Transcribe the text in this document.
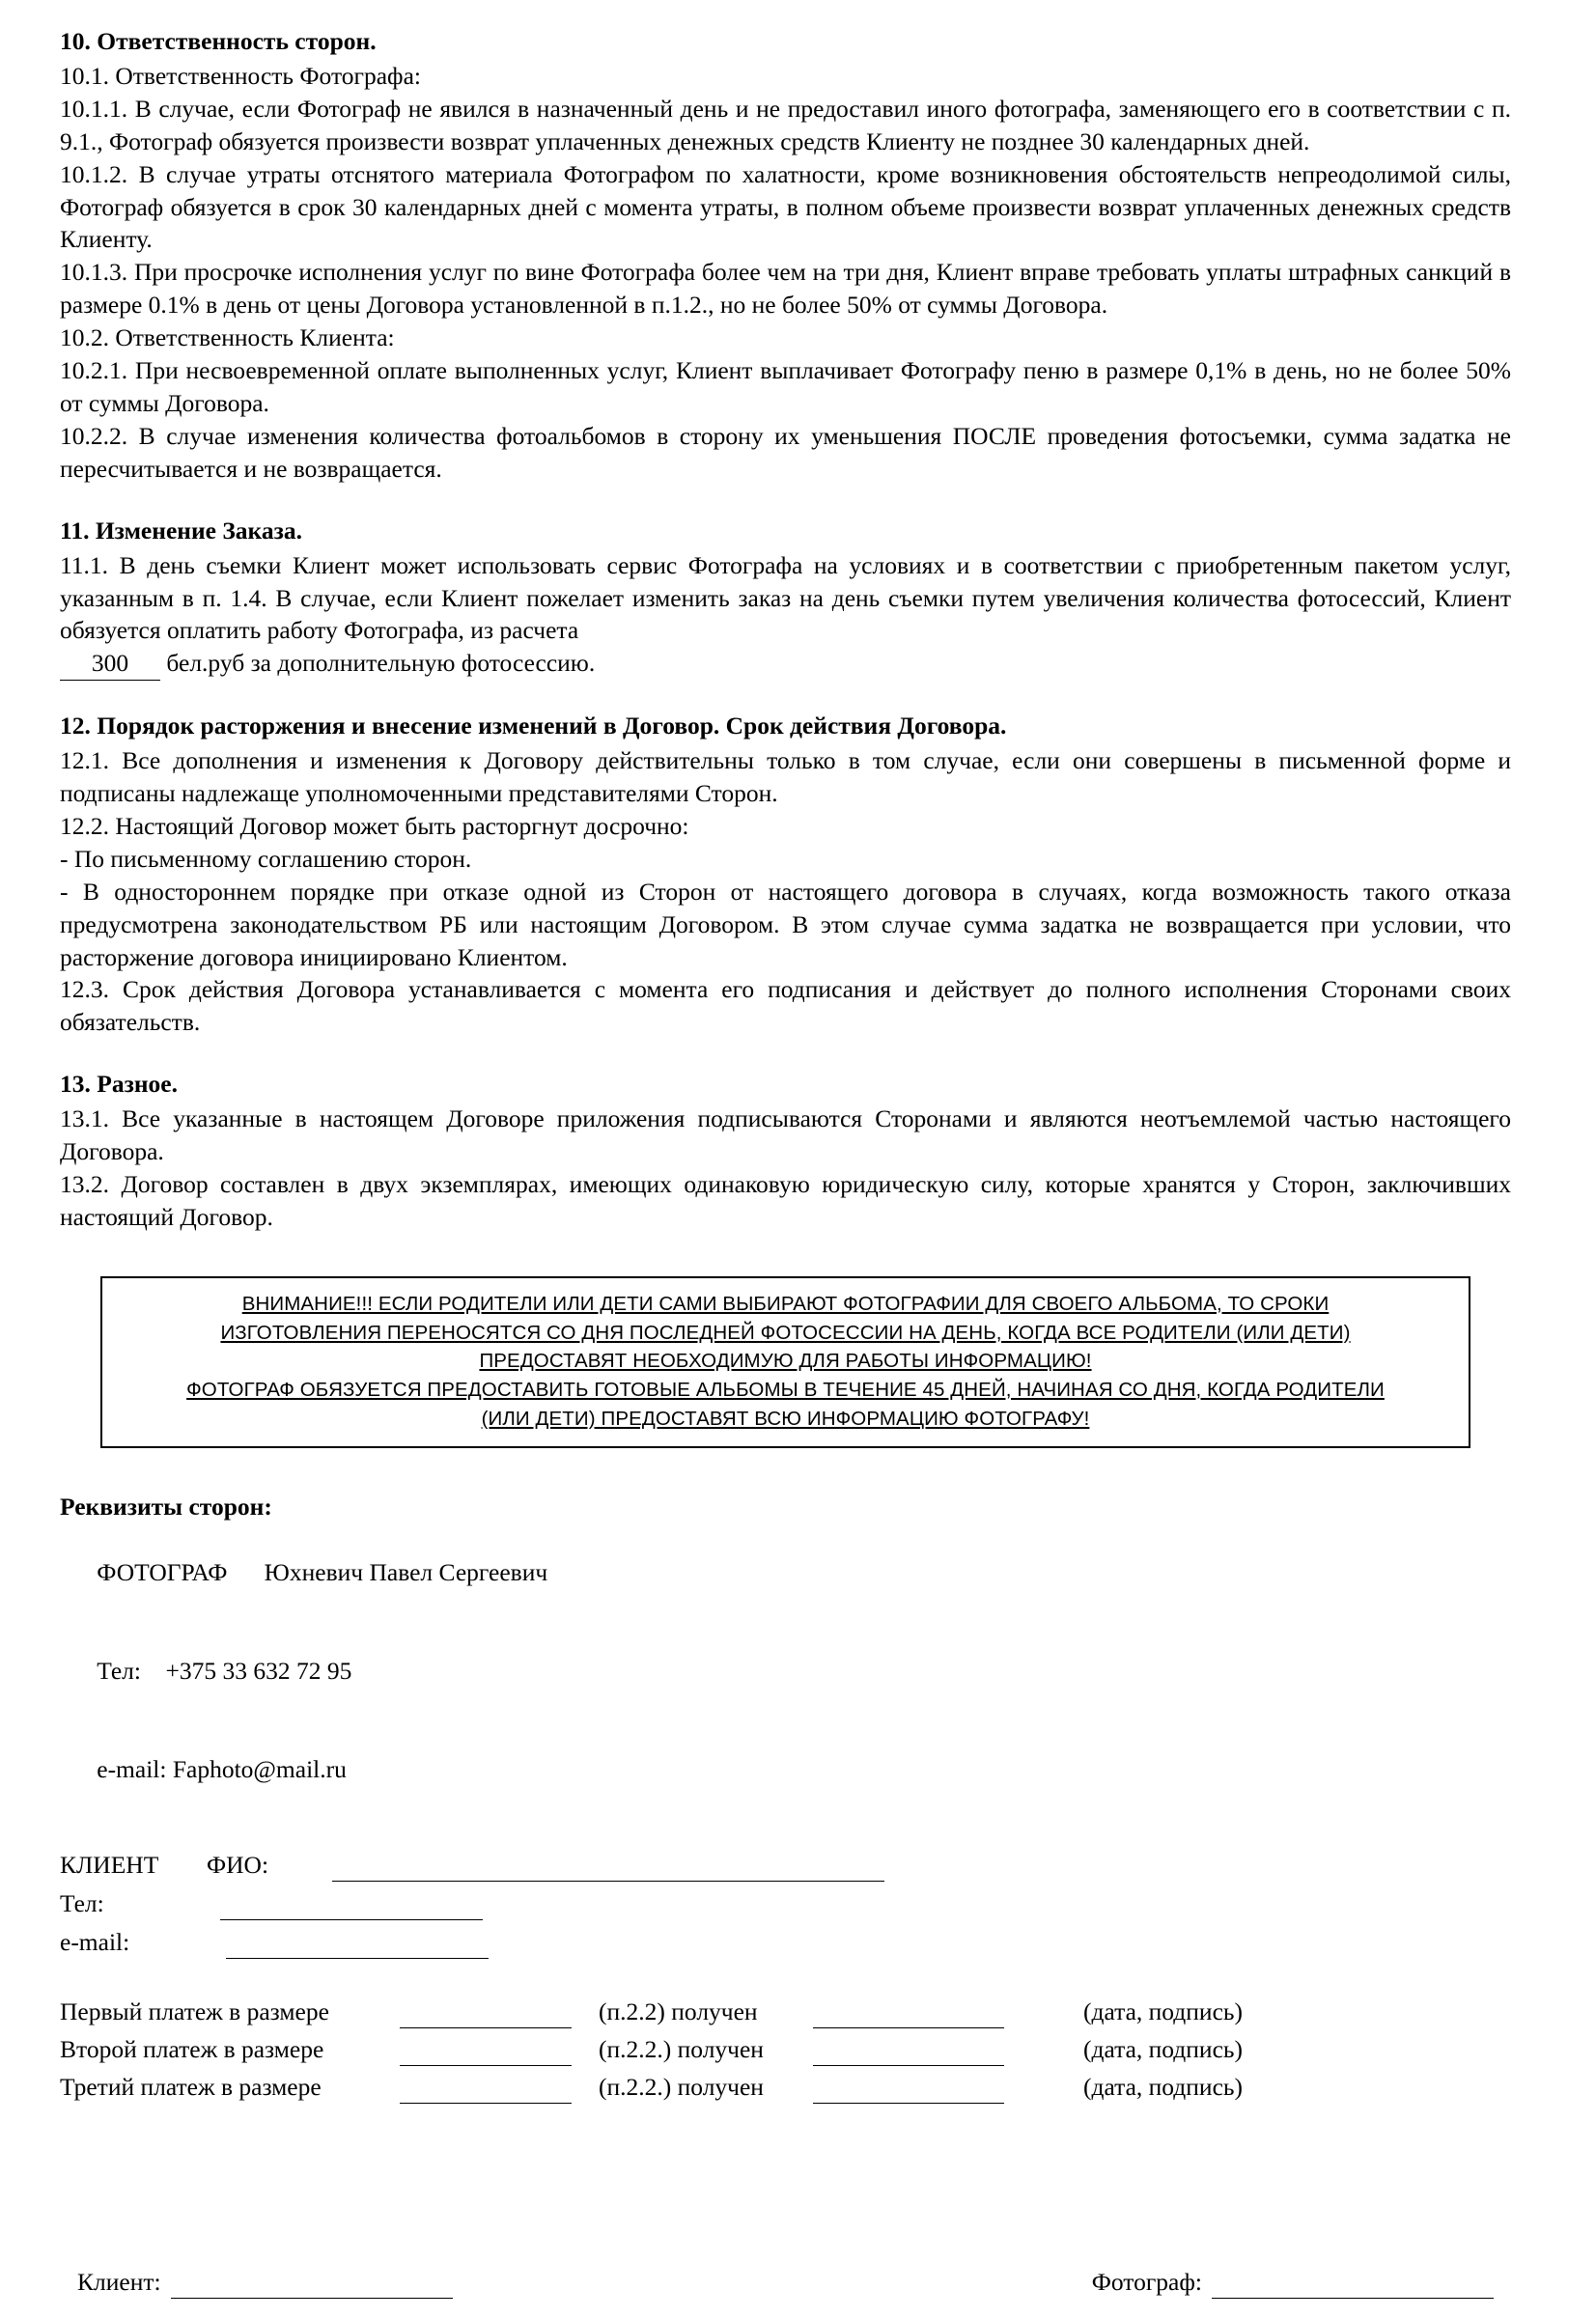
10. Ответственность сторон.

10.1. Ответственность Фотографа:

10.1.1. В случае, если Фотограф не явился в назначенный день и не предоставил иного фотографа, заменяющего его в соответствии с п. 9.1., Фотограф обязуется произвести возврат уплаченных денежных средств Клиенту не позднее 30 календарных дней.

10.1.2. В случае утраты отснятого материала Фотографом по халатности, кроме возникновения обстоятельств непреодолимой силы, Фотограф обязуется в срок 30 календарных дней с момента утраты, в полном объеме произвести возврат уплаченных денежных средств Клиенту.

10.1.3. При просрочке исполнения услуг по вине Фотографа более чем на три дня, Клиент вправе требовать уплаты штрафных санкций в размере 0.1% в день от цены Договора установленной в п.1.2., но не более 50% от суммы Договора.

10.2. Ответственность Клиента:

10.2.1. При несвоевременной оплате выполненных услуг, Клиент выплачивает Фотографу пеню в размере 0,1% в день, но не более 50% от суммы Договора.

10.2.2. В случае изменения количества фотоальбомов в сторону их уменьшения ПОСЛЕ проведения фотосъемки, сумма задатка не пересчитывается и не возвращается.

11. Изменение Заказа.

11.1. В день съемки Клиент может использовать сервис Фотографа на условиях и в соответствии с приобретенным пакетом услуг, указанным в п. 1.4. В случае, если Клиент пожелает изменить заказ на день съемки путем увеличения количества фотосессий, Клиент обязуется оплатить работу Фотографа, из расчета

300 бел.руб за дополнительную фотосессию.

12. Порядок расторжения и внесение изменений в Договор. Срок действия Договора.

12.1. Все дополнения и изменения к Договору действительны только в том случае, если они совершены в письменной форме и подписаны надлежаще уполномоченными представителями Сторон.

12.2. Настоящий Договор может быть расторгнут досрочно:

- По письменному соглашению сторон.

- В одностороннем порядке при отказе одной из Сторон от настоящего договора в случаях, когда возможность такого отказа предусмотрена законодательством РБ или настоящим Договором. В этом случае сумма задатка не возвращается при условии, что расторжение договора инициировано Клиентом.

12.3. Срок действия Договора устанавливается с момента его подписания и действует до полного исполнения Сторонами своих обязательств.

13. Разное.

13.1. Все указанные в настоящем Договоре приложения подписываются Сторонами и являются неотъемлемой частью настоящего Договора.

13.2. Договор составлен в двух экземплярах, имеющих одинаковую юридическую силу, которые хранятся у Сторон, заключивших настоящий Договор.

ВНИМАНИЕ!!! ЕСЛИ РОДИТЕЛИ ИЛИ ДЕТИ САМИ ВЫБИРАЮТ ФОТОГРАФИИ ДЛЯ СВОЕГО АЛЬБОМА, ТО СРОКИ
ИЗГОТОВЛЕНИЯ ПЕРЕНОСЯТСЯ СО ДНЯ ПОСЛЕДНЕЙ ФОТОСЕССИИ НА ДЕНЬ, КОГДА ВСЕ РОДИТЕЛИ (ИЛИ ДЕТИ)
ПРЕДОСТАВЯТ НЕОБХОДИМУЮ ДЛЯ РАБОТЫ ИНФОРМАЦИЮ!
ФОТОГРАФ ОБЯЗУЕТСЯ ПРЕДОСТАВИТЬ ГОТОВЫЕ АЛЬБОМЫ В ТЕЧЕНИЕ 45 ДНЕЙ, НАЧИНАЯ СО ДНЯ, КОГДА РОДИТЕЛИ
(ИЛИ ДЕТИ) ПРЕДОСТАВЯТ ВСЮ ИНФОРМАЦИЮ ФОТОГРАФУ!

Реквизиты сторон:

ФОТОГРАФ Юхневич Павел Сергеевич

Тел: +375 33 632 72 95

e-mail: Faphoto@mail.ru

КЛИЕНТ	ФИО:
Тел:
e-mail:
Первый платеж в размере	(п.2.2) получен	(дата, подпись)
Второй платеж в размере	(п.2.2.) получен	(дата, подпись)
Третий платеж в размере	(п.2.2.) получен	(дата, подпись)
Клиент:	Фотограф:
